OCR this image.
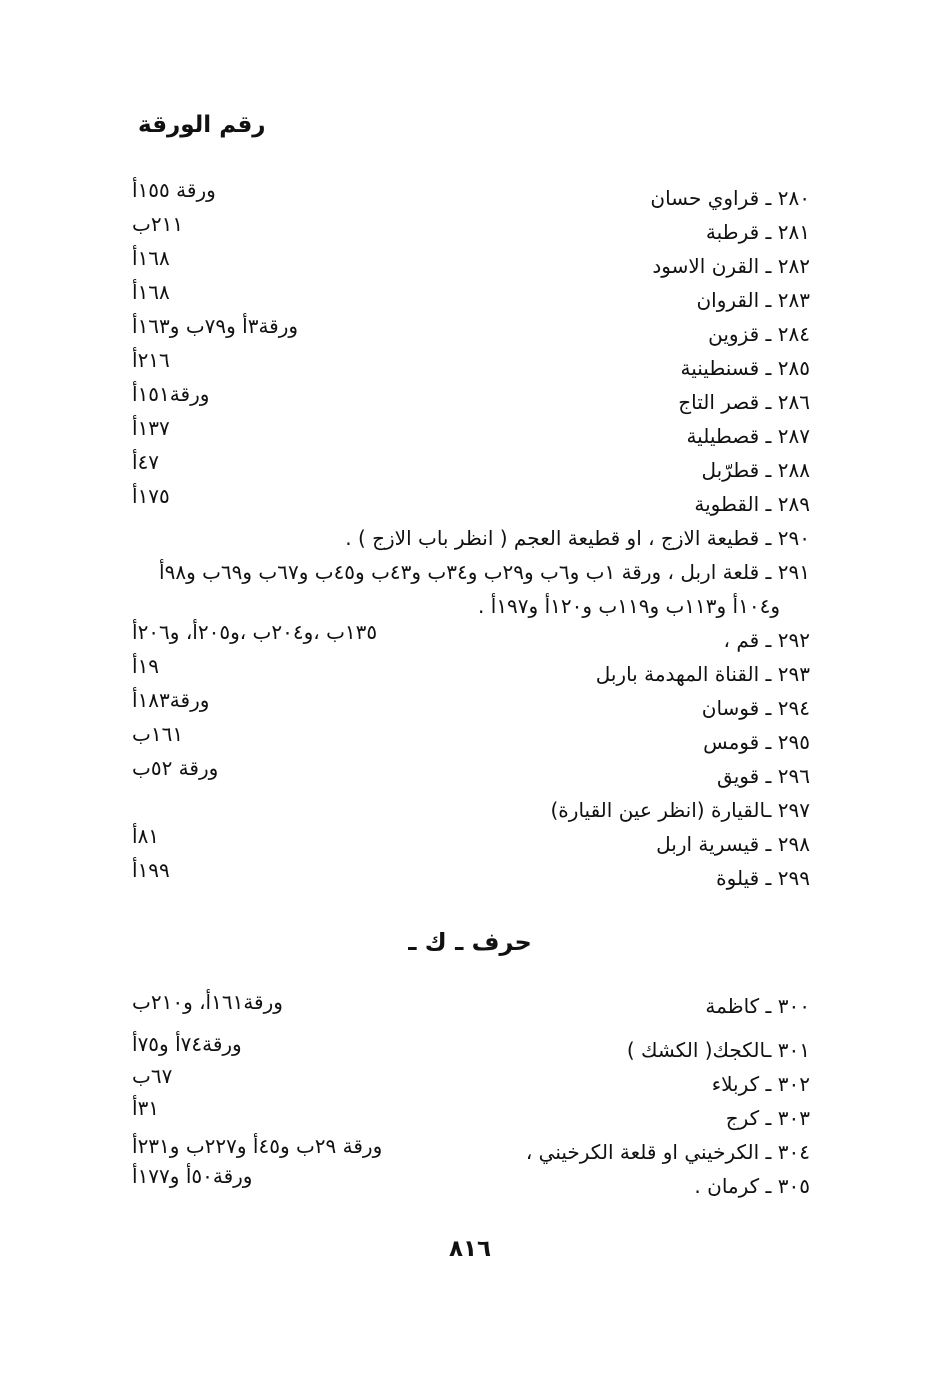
رقم الورقة
٢٨٠ ـ قراوي حسان
ورقة ١٥٥أ
٢٨١ ـ قرطبة
٢١١ب
٢٨٢ ـ القرن الاسود
١٦٨أ
٢٨٣ ـ القروان
١٦٨أ
٢٨٤ ـ قزوين
ورقة٣أ و٧٩ب و١٦٣أ
٢٨٥ ـ قسنطينية
٢١٦أ
٢٨٦ ـ قصر التاج
ورقة١٥١أ
٢٨٧ ـ قصطيلية
١٣٧أ
٢٨٨ ـ قطرّبل
٤٧أ
٢٨٩ ـ القطوية
١٧٥أ
٢٩٠ ـ قطيعة الازج ، او قطيعة العجم ( انظر باب الازج ) .
٢٩١ ـ قلعة اربل ، ورقة ١ب و٦ب و٢٩ب و٣٤ب و٤٣ب و٤٥ب و٦٧ب و٦٩ب و٩٨أ
و١٠٤أ و١١٣ب و١١٩ب و١٢٠أ و١٩٧أ .
٢٩٢ ـ قم ،
١٣٥ب ،و٢٠٤ب ،و٢٠٥أ، و٢٠٦أ
٢٩٣ ـ القناة المهدمة باربل
١٩أ
٢٩٤ ـ قوسان
ورقة١٨٣أ
٢٩٥ ـ قومس
١٦١ب
٢٩٦ ـ قويق
ورقة ٥٢ب
٢٩٧ ـالقيارة (انظر عين القيارة)
٢٩٨ ـ قيسرية اربل
٨١أ
٢٩٩ ـ قيلوة
١٩٩أ
حرف ـ ك ـ
٣٠٠ ـ كاظمة
ورقة١٦١أ، و٢١٠ب
٣٠١ ـالكجك( الكشك )
ورقة٧٤أ و٧٥أ
٣٠٢ ـ كربلاء
٦٧ب
٣٠٣ ـ كرج
٣١أ
٣٠٤ ـ الكرخيني او قلعة الكرخيني ،
ورقة ٢٩ب و٤٥أ و٢٢٧ب و٢٣١أ
٣٠٥ ـ كرمان .
ورقة٥٠أ و١٧٧أ
٨١٦
